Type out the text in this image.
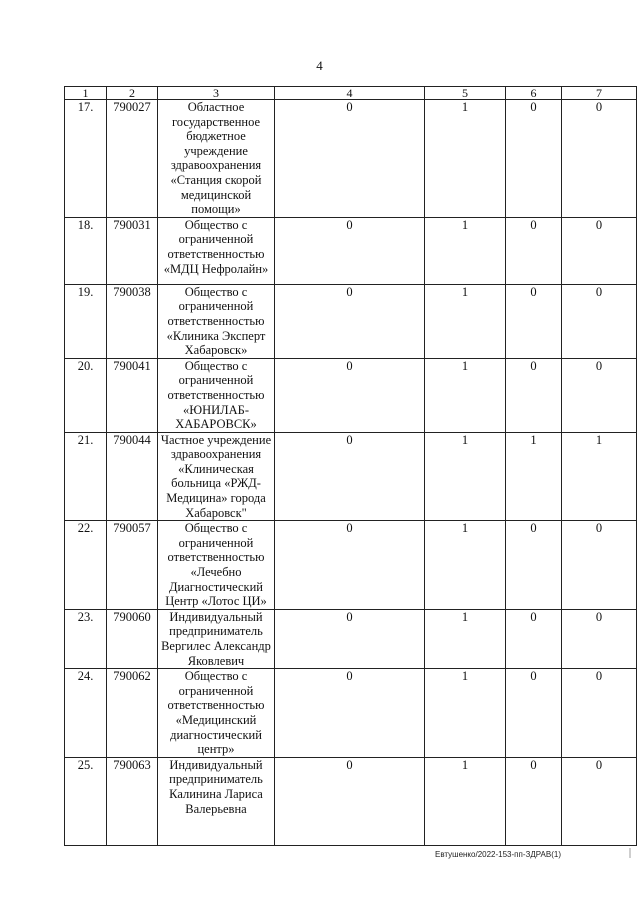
4
1	2	3	4	5	6	7
17.	790027	Областное государственное бюджетное учреждение здравоохранения «Станция скорой медицинской помощи»	0	1	0	0
18.	790031	Общество с ограниченной ответственностью «МДЦ Нефролайн»	0	1	0	0
19.	790038	Общество с ограниченной ответственностью «Клиника Эксперт Хабаровск»	0	1	0	0
20.	790041	Общество с ограниченной ответственностью «ЮНИЛАБ-ХАБАРОВСК»	0	1	0	0
21.	790044	Частное учреждение здравоохранения «Клиническая больница «РЖД-Медицина» города Хабаровск"	0	1	1	1
22.	790057	Общество с ограниченной ответственностью «Лечебно Диагностический Центр «Лотос ЦИ»	0	1	0	0
23.	790060	Индивидуальный предприниматель Вергилес Александр Яковлевич	0	1	0	0
24.	790062	Общество с ограниченной ответственностью «Медицинский диагностический центр»	0	1	0	0
25.	790063	Индивидуальный предприниматель Калинина Лариса Валерьевна	0	1	0	0
Евтушенко/2022-153-пп-ЗДРАВ(1)
